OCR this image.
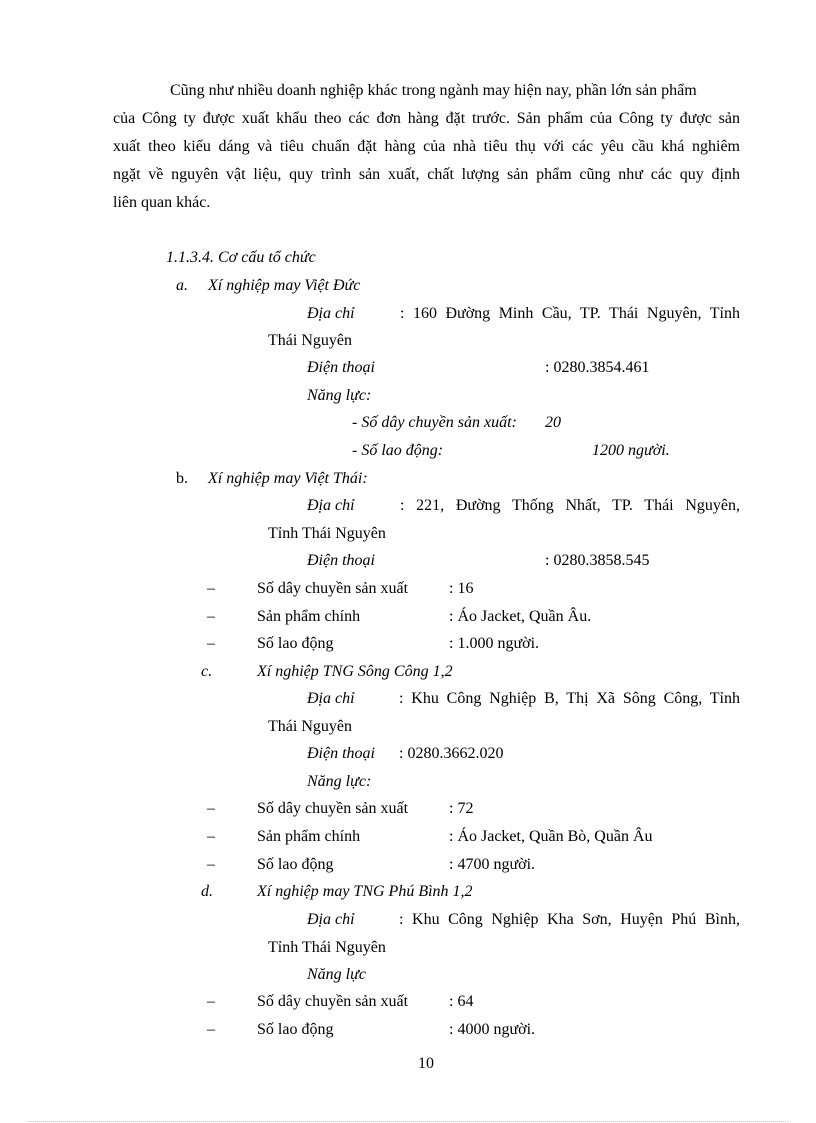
Cũng như nhiều doanh nghiệp khác trong ngành may hiện nay, phần lớn sản phẩm
của Công ty được xuất khẩu theo các đơn hàng đặt trước. Sản phẩm của Công ty được sản
xuất theo kiểu dáng và tiêu chuẩn đặt hàng của nhà tiêu thụ với các yêu cầu khá nghiêm
ngặt về nguyên vật liệu, quy trình sản xuất, chất lượng sản phẩm cũng như các quy định
liên quan khác.
1.1.3.4. Cơ cấu tổ chức
a. Xí nghiệp may Việt Đức
Địa chỉ	: 160 Đường Minh Cầu, TP. Thái Nguyên, Tỉnh
Thái Nguyên
Điện thoại	: 0280.3854.461
Năng lực:
- Số dây chuyền sản xuất: 20
- Số lao động:	1200 người.
b. Xí nghiệp may Việt Thái:
Địa chỉ	: 221, Đường Thống Nhất, TP. Thái Nguyên,
Tỉnh Thái Nguyên
Điện thoại	: 0280.3858.545
–	Số dây chuyền sản xuất	: 16
–	Sản phẩm chính	: Áo Jacket, Quần Âu.
–	Số lao động	: 1.000 người.
c.	Xí nghiệp TNG Sông Công 1,2
Địa chỉ	: Khu Công Nghiệp B, Thị Xã Sông Công, Tỉnh
Thái Nguyên
Điện thoại : 0280.3662.020
Năng lực:
–	Số dây chuyền sản xuất	: 72
–	Sản phẩm chính	: Áo Jacket, Quần Bò, Quần Âu
–	Số lao động	: 4700 người.
d.	Xí nghiệp may TNG Phú Bình 1,2
Địa chỉ	: Khu Công Nghiệp Kha Sơn, Huyện Phú Bình,
Tỉnh Thái Nguyên
Năng lực
–	Số dây chuyền sản xuất	: 64
–	Số lao động	: 4000 người.
10
